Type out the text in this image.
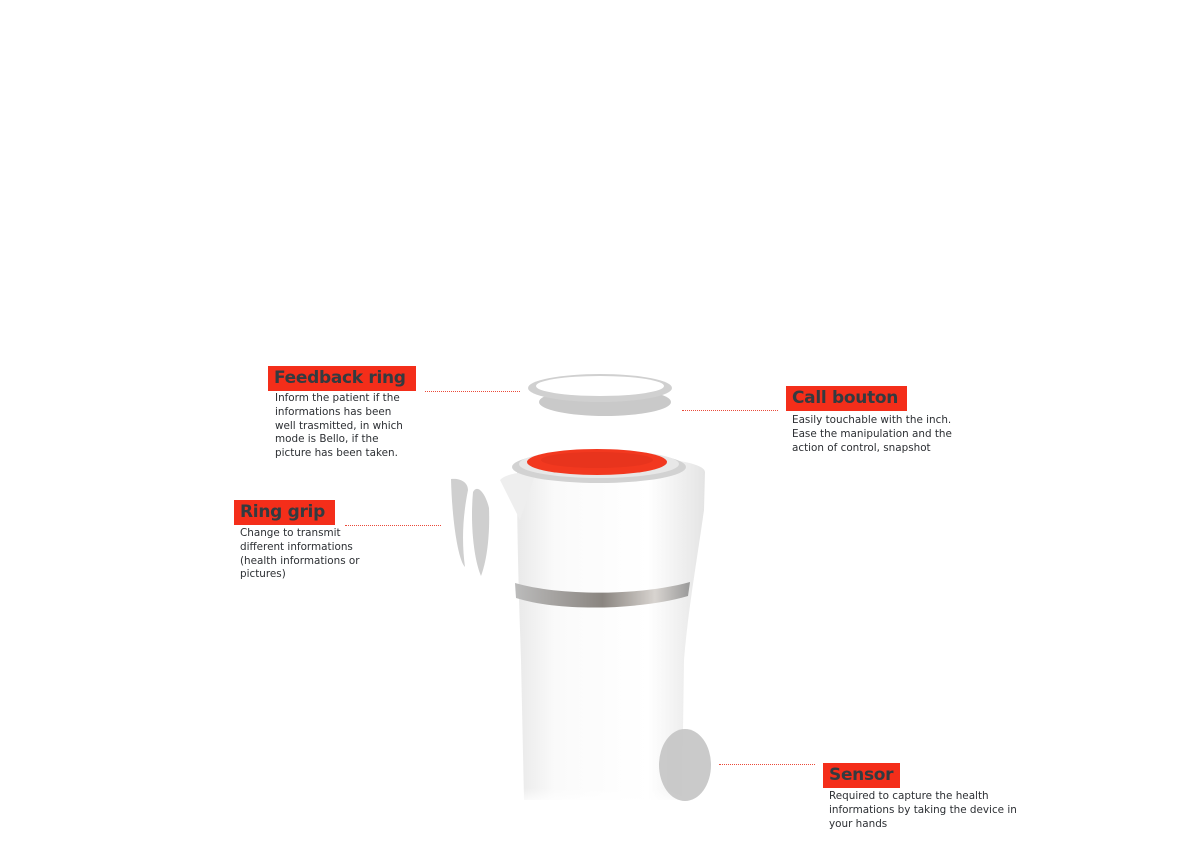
Feedback ring
Inform the patient if the
informations has been
well trasmitted, in which
mode is Bello, if the
picture has been taken.
Call bouton
Easily touchable with the inch.
Ease the manipulation and the
action of control, snapshot
Ring grip
Change to transmit
different informations
(health informations or
pictures)
Sensor
Required to capture the health
informations by taking the device in
your hands
